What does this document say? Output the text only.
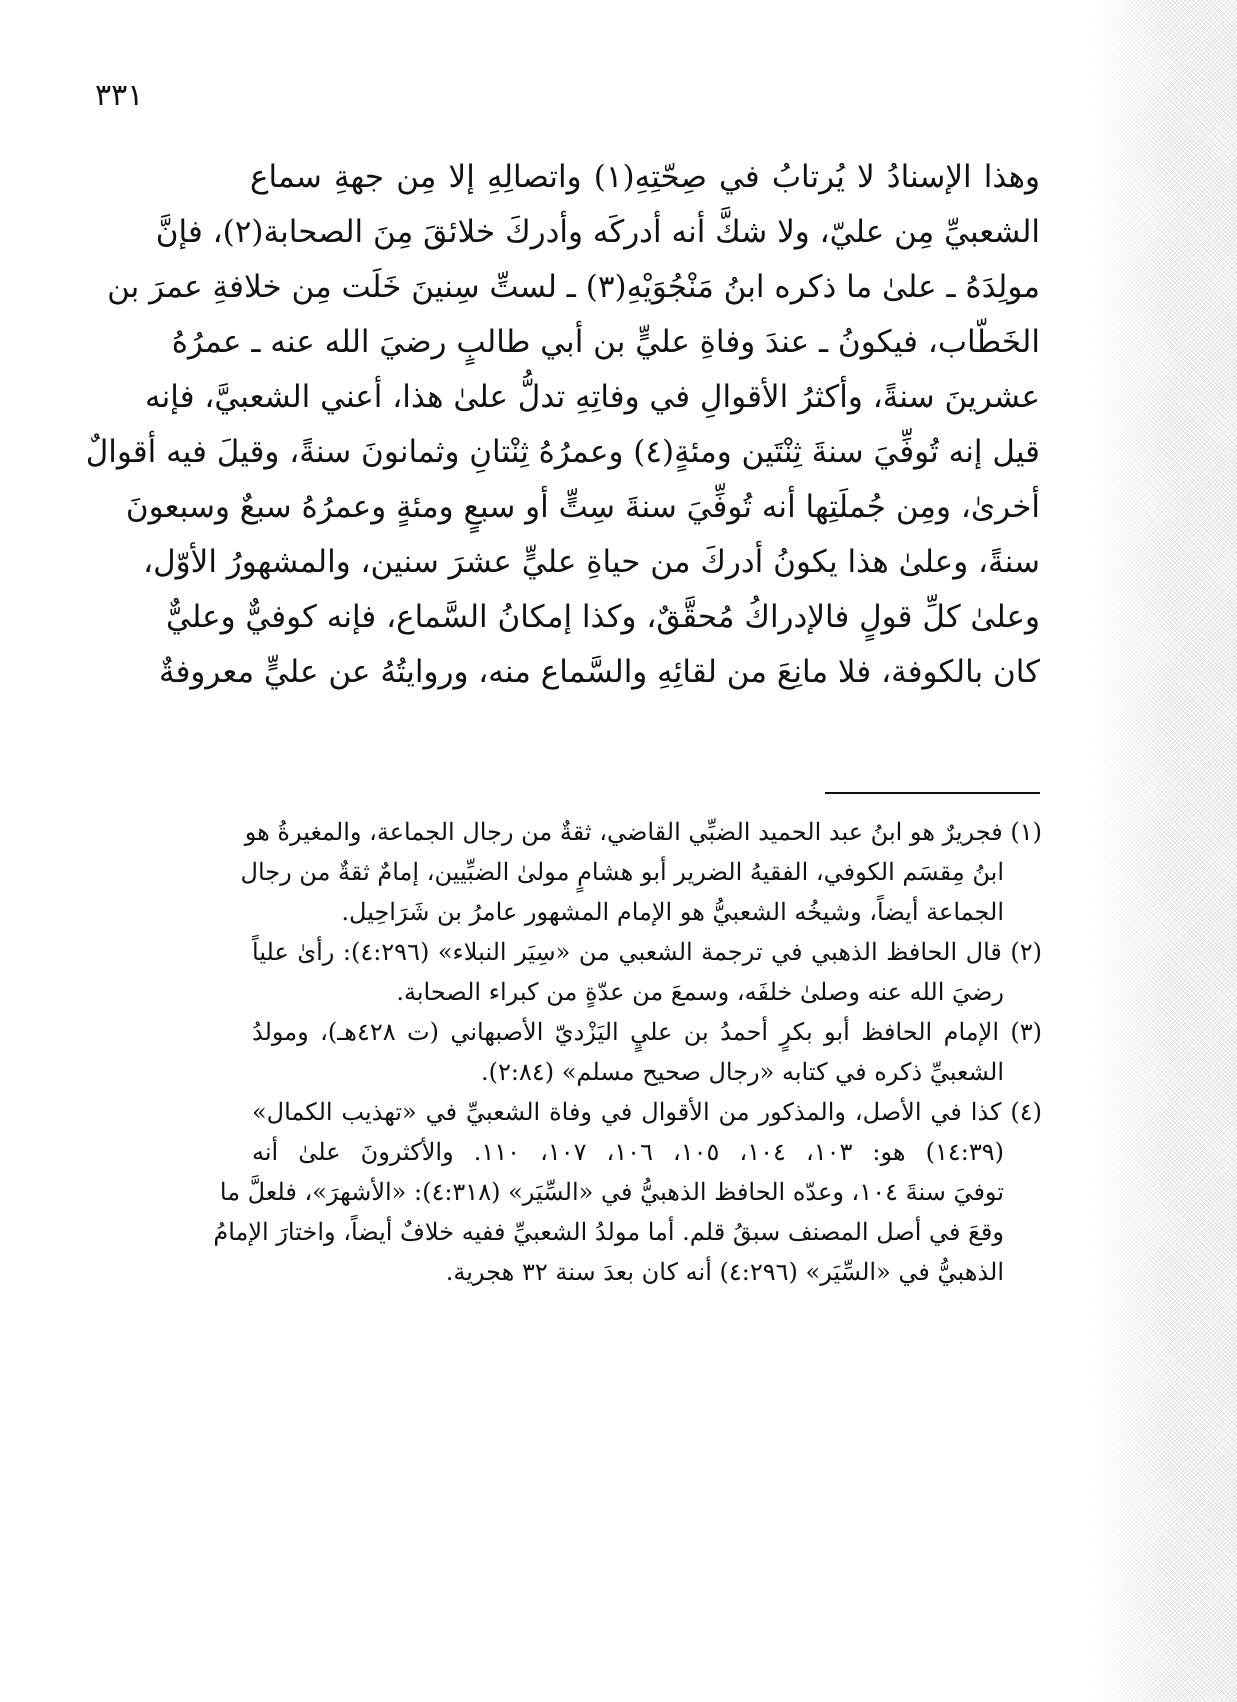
٣٣١
وهذا الإسنادُ لا يُرتابُ في صِحّتِهِ(١) واتصالِهِ إلا مِن جهةِ سماع
الشعبيِّ مِن عليّ، ولا شكَّ أنه أدركَه وأدركَ خلائقَ مِنَ الصحابة(٢)، فإنَّ
مولِدَهُ ـ علىٰ ما ذكره ابنُ مَنْجُوَيْهِ(٣) ـ لستِّ سِنينَ خَلَت مِن خلافةِ عمرَ بن
الخَطّاب، فيكونُ ـ عندَ وفاةِ عليٍّ بن أبي طالبٍ رضيَ الله عنه ـ عمرُهُ
عشرينَ سنةً، وأكثرُ الأقوالِ في وفاتِهِ تدلُّ علىٰ هذا، أعني الشعبيَّ، فإنه
قيل إنه تُوفِّيَ سنةَ ثِنْتَين ومئةٍ(٤) وعمرُهُ ثِنْتانِ وثمانونَ سنةً، وقيلَ فيه أقوالٌ
أخرىٰ، ومِن جُملَتِها أنه تُوفِّيَ سنةَ سِتٍّ أو سبعٍ ومئةٍ وعمرُهُ سبعٌ وسبعونَ
سنةً، وعلىٰ هذا يكونُ أدركَ من حياةِ عليٍّ عشرَ سنين، والمشهورُ الأوّل،
وعلىٰ كلِّ قولٍ فالإدراكُ مُحقَّقٌ، وكذا إمكانُ السَّماع، فإنه كوفيٌّ وعليٌّ
كان بالكوفة، فلا مانِعَ من لقائِهِ والسَّماع منه، وروايتُهُ عن عليٍّ معروفةٌ
(١) فجريرٌ هو ابنُ عبد الحميد الضبِّي القاضي، ثقةٌ من رجال الجماعة، والمغيرةُ هو
ابنُ مِقسَم الكوفي، الفقيهُ الضرير أبو هشامٍ مولىٰ الضبِّيين، إمامٌ ثقةٌ من رجال
الجماعة أيضاً، وشيخُه الشعبيُّ هو الإمام المشهور عامرُ بن شَرَاحِيل.
(٢) قال الحافظ الذهبي في ترجمة الشعبي من «سِيَر النبلاء» (٤:٢٩٦): رأىٰ علياً
رضيَ الله عنه وصلىٰ خلفَه، وسمعَ من عدّةٍ من كبراء الصحابة.
(٣) الإمام الحافظ أبو بكرٍ أحمدُ بن عليٍ اليَزْديّ الأصبهاني (ت ٤٢٨هـ)، ومولدُ
الشعبيِّ ذكره في كتابه «رجال صحيح مسلم» (٢:٨٤).
(٤) كذا في الأصل، والمذكور من الأقوال في وفاة الشعبيِّ في «تهذيب الكمال»
(١٤:٣٩) هو: ١٠٣، ١٠٤، ١٠٥، ١٠٦، ١٠٧، ١١٠. والأكثرونَ علىٰ أنه
توفيَ سنةَ ١٠٤، وعدّه الحافظ الذهبيُّ في «السِّيَر» (٤:٣١٨): «الأشهرَ»، فلعلَّ ما
وقعَ في أصل المصنف سبقُ قلم. أما مولدُ الشعبيِّ ففيه خلافٌ أيضاً، واختارَ الإمامُ
الذهبيُّ في «السِّيَر» (٤:٢٩٦) أنه كان بعدَ سنة ٣٢ هجرية.
